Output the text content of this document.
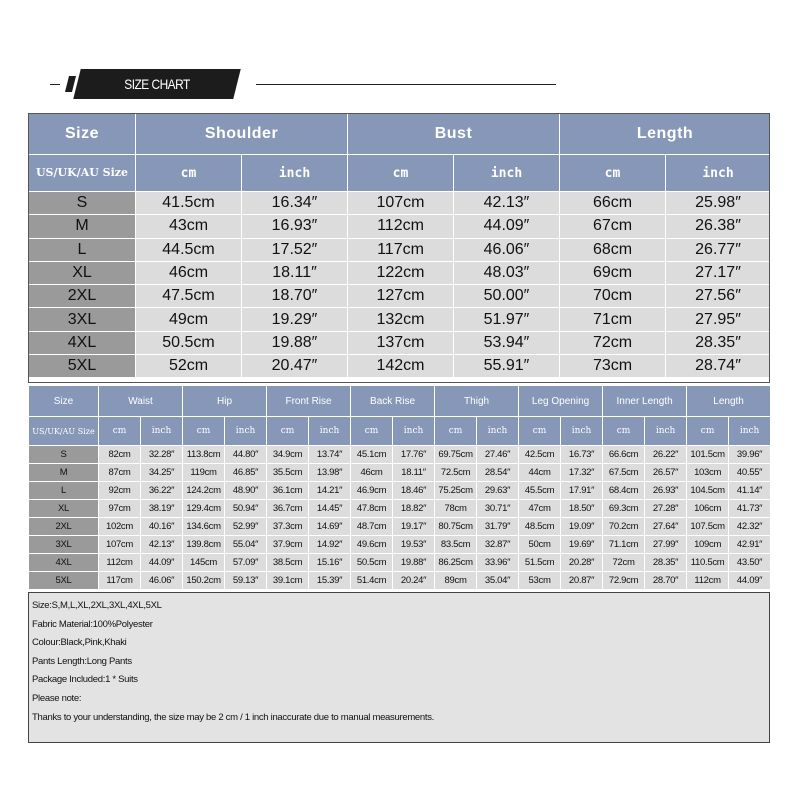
SIZE CHART
Size	Shoulder		Bust		Length	
US/UK/AU Size	cm	inch	cm	inch	cm	inch
S	41.5cm	16.34″	107cm	42.13″	66cm	25.98″
M	43cm	16.93″	112cm	44.09″	67cm	26.38″
L	44.5cm	17.52″	117cm	46.06″	68cm	26.77″
XL	46cm	18.11″	122cm	48.03″	69cm	27.17″
2XL	47.5cm	18.70″	127cm	50.00″	70cm	27.56″
3XL	49cm	19.29″	132cm	51.97″	71cm	27.95″
4XL	50.5cm	19.88″	137cm	53.94″	72cm	28.35″
5XL	52cm	20.47″	142cm	55.91″	73cm	28.74″
Size	Waist		Hip		Front Rise		Back Rise		Thigh		Leg Opening		Inner Length		Length	
US/UK/AU Size	cm	inch	cm	inch	cm	inch	cm	inch	cm	inch	cm	inch	cm	inch	cm	inch
S	82cm	32.28″	113.8cm	44.80″	34.9cm	13.74″	45.1cm	17.76″	69.75cm	27.46″	42.5cm	16.73″	66.6cm	26.22″	101.5cm	39.96″
M	87cm	34.25″	119cm	46.85″	35.5cm	13.98″	46cm	18.11″	72.5cm	28.54″	44cm	17.32″	67.5cm	26.57″	103cm	40.55″
L	92cm	36.22″	124.2cm	48.90″	36.1cm	14.21″	46.9cm	18.46″	75.25cm	29.63″	45.5cm	17.91″	68.4cm	26.93″	104.5cm	41.14″
XL	97cm	38.19″	129.4cm	50.94″	36.7cm	14.45″	47.8cm	18.82″	78cm	30.71″	47cm	18.50″	69.3cm	27.28″	106cm	41.73″
2XL	102cm	40.16″	134.6cm	52.99″	37.3cm	14.69″	48.7cm	19.17″	80.75cm	31.79″	48.5cm	19.09″	70.2cm	27.64″	107.5cm	42.32″
3XL	107cm	42.13″	139.8cm	55.04″	37.9cm	14.92″	49.6cm	19.53″	83.5cm	32.87″	50cm	19.69″	71.1cm	27.99″	109cm	42.91″
4XL	112cm	44.09″	145cm	57.09″	38.5cm	15.16″	50.5cm	19.88″	86.25cm	33.96″	51.5cm	20.28″	72cm	28.35″	110.5cm	43.50″
5XL	117cm	46.06″	150.2cm	59.13″	39.1cm	15.39″	51.4cm	20.24″	89cm	35.04″	53cm	20.87″	72.9cm	28.70″	112cm	44.09″
Size:S,M,L,XL,2XL,3XL,4XL,5XL
Fabric Material:100%Polyester
Colour:Black,Pink,Khaki
Pants Length:Long Pants
Package Included:1 * Suits
Please note:
Thanks to your understanding, the size may be 2 cm / 1 inch inaccurate due to manual measurements.
